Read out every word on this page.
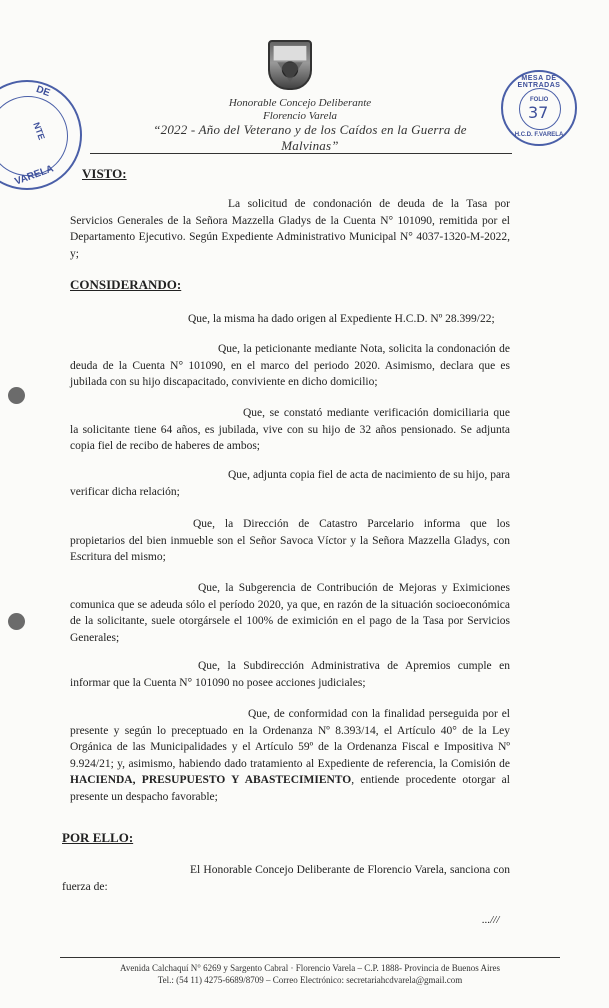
Honorable Concejo Deliberante
Florencio Varela
“2022 - Año del Veterano y de los Caídos en la Guerra de Malvinas”
DE
NTE
VARELA
MESA DE ENTRADAS
FOLIO
37
H.C.D. F.VARELA
VISTO:
La solicitud de condonación de deuda de la Tasa por Servicios Generales de la Señora Mazzella Gladys de la Cuenta N° 101090, remitida por el Departamento Ejecutivo. Según Expediente Administrativo Municipal N° 4037-1320-M-2022, y;
CONSIDERANDO:
Que, la misma ha dado origen al Expediente H.C.D. Nº 28.399/22;
Que, la peticionante mediante Nota, solicita la condonación de deuda de la Cuenta N° 101090, en el marco del periodo 2020. Asimismo, declara que es jubilada con su hijo discapacitado, conviviente en dicho domicilio;
Que, se constató mediante verificación domiciliaria que la solicitante tiene 64 años, es jubilada, vive con su hijo de 32 años pensionado. Se adjunta copia fiel de recibo de haberes de ambos;
Que, adjunta copia fiel de acta de nacimiento de su hijo, para verificar dicha relación;
Que, la Dirección de Catastro Parcelario informa que los propietarios del bien inmueble son el Señor Savoca Víctor y la Señora Mazzella Gladys, con Escritura del mismo;
Que, la Subgerencia de Contribución de Mejoras y Eximiciones comunica que se adeuda sólo el período 2020, ya que, en razón de la situación socioeconómica de la solicitante, suele otorgársele el 100% de eximición en el pago de la Tasa por Servicios Generales;
Que, la Subdirección Administrativa de Apremios cumple en informar que la Cuenta N° 101090 no posee acciones judiciales;
Que, de conformidad con la finalidad perseguida por el presente y según lo preceptuado en la Ordenanza Nº 8.393/14, el Artículo 40° de la Ley Orgánica de las Municipalidades y el Artículo 59º de la Ordenanza Fiscal e Impositiva Nº 9.924/21; y, asimismo, habiendo dado tratamiento al Expediente de referencia, la Comisión de HACIENDA, PRESUPUESTO Y ABASTECIMIENTO, entiende procedente otorgar al presente un despacho favorable;
POR ELLO:
El Honorable Concejo Deliberante de Florencio Varela, sanciona con fuerza de:
...///
Avenida Calchaquí N° 6269 y Sargento Cabral · Florencio Varela – C.P. 1888- Provincia de Buenos Aires
Tel.: (54 11) 4275-6689/8709 – Correo Electrónico: secretariahcdvarela@gmail.com
